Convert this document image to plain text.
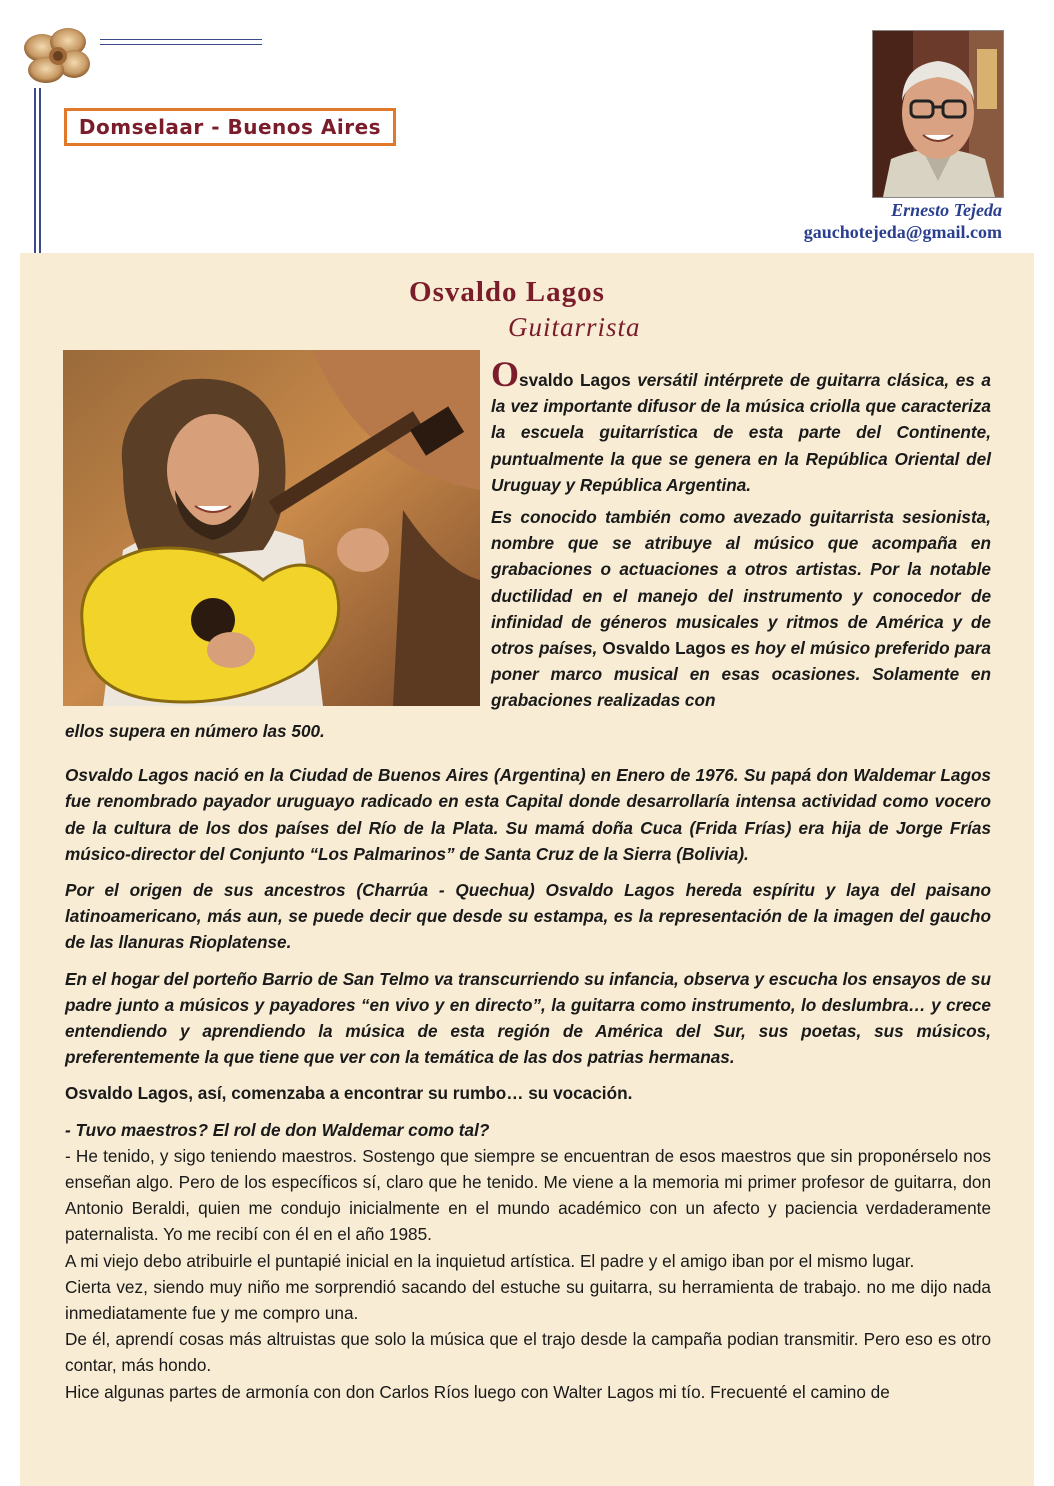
Domselaar - Buenos Aires
Ernesto Tejeda
gauchotejeda@gmail.com
Osvaldo Lagos
Guitarrista

Osvaldo Lagos versátil intérprete de guitarra clásica, es a la vez importante difusor de la música criolla que caracteriza la escuela guitarrística de esta parte del Continente, puntualmente la que se genera en la República Oriental del Uruguay y República Argentina.

Es conocido también como avezado guitarrista sesionista, nombre que se atribuye al músico que acompaña en grabaciones o actuaciones a otros artistas. Por la notable ductilidad en el manejo del instrumento y conocedor de infinidad de géneros musicales y ritmos de América y de otros países, Osvaldo Lagos es hoy el músico preferido para poner marco musical en esas ocasiones. Solamente en grabaciones realizadas con

ellos supera en número las 500.

Osvaldo Lagos nació en la Ciudad de Buenos Aires (Argentina) en Enero de 1976. Su papá don Waldemar Lagos fue renombrado payador uruguayo radicado en esta Capital donde desarrollaría intensa actividad como vocero de la cultura de los dos países del Río de la Plata. Su mamá doña Cuca (Frida Frías) era hija de Jorge Frías músico-director del Conjunto “Los Palmarinos” de Santa Cruz de la Sierra (Bolivia).

Por el origen de sus ancestros (Charrúa - Quechua) Osvaldo Lagos hereda espíritu y laya del paisano latinoamericano, más aun, se puede decir que desde su estampa, es la representación de la imagen del gaucho de las llanuras Rioplatense.

En el hogar del porteño Barrio de San Telmo va transcurriendo su infancia, observa y escucha los ensayos de su padre junto a músicos y payadores “en vivo y en directo”, la guitarra como instrumento, lo deslumbra… y crece entendiendo y aprendiendo la música de esta región de América del Sur, sus poetas, sus músicos, preferentemente la que tiene que ver con la temática de las dos patrias hermanas.

Osvaldo Lagos, así, comenzaba a encontrar su rumbo… su vocación.

- Tuvo maestros? El rol de don Waldemar como tal?

- He tenido, y sigo teniendo maestros. Sostengo que siempre se encuentran de esos maestros que sin proponérselo nos enseñan algo. Pero de los específicos sí, claro que he tenido. Me viene a la memoria mi primer profesor de guitarra, don Antonio Beraldi, quien me condujo inicialmente en el mundo académico con un afecto y paciencia verdaderamente paternalista. Yo me recibí con él en el año 1985.

A mi viejo debo atribuirle el puntapié inicial en la inquietud artística. El padre y el amigo iban por el mismo lugar.

Cierta vez, siendo muy niño me sorprendió sacando del estuche su guitarra, su herramienta de trabajo. no me dijo nada inmediatamente fue y me compro una.

De él, aprendí cosas más altruistas que solo la música que el trajo desde la campaña podian transmitir. Pero eso es otro contar, más hondo.

Hice algunas partes de armonía con don Carlos Ríos luego con Walter Lagos mi tío. Frecuenté el camino de
